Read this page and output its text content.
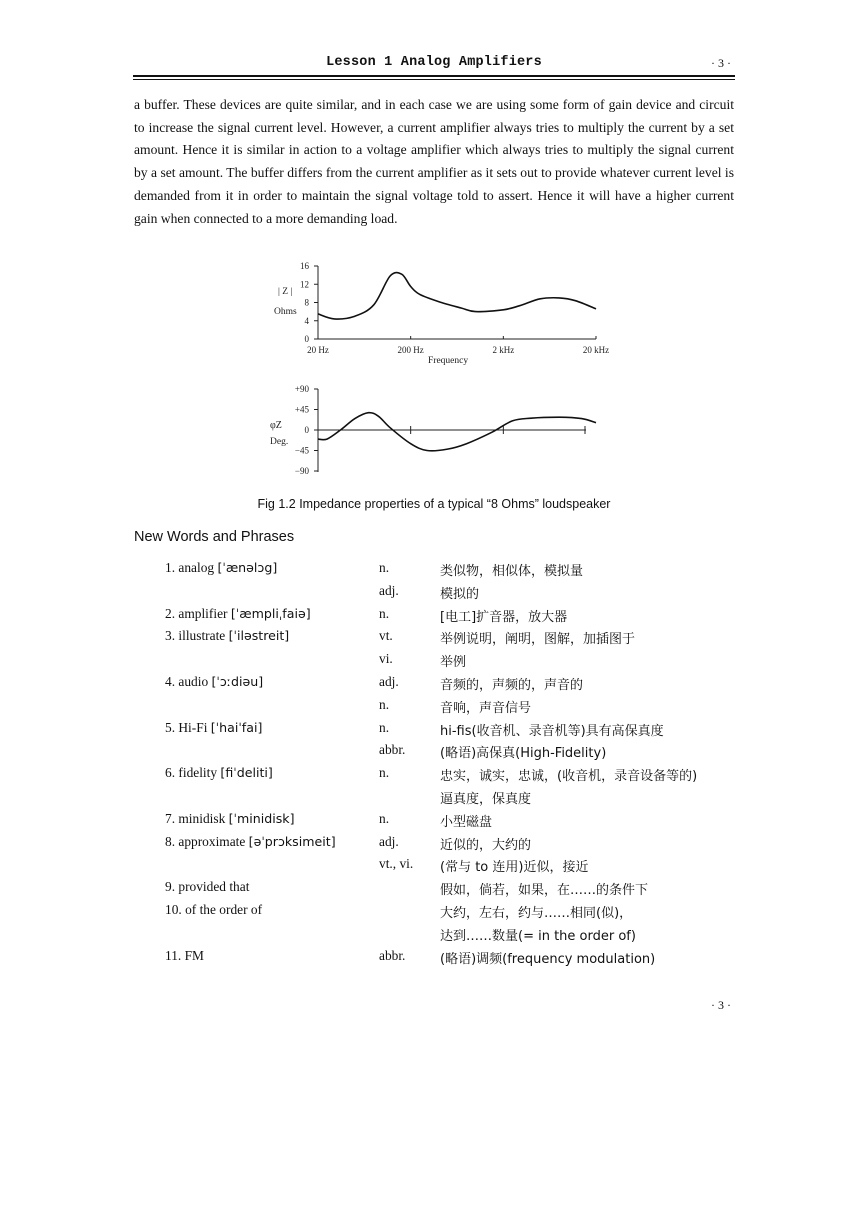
Lesson 1 Analog Amplifiers	· 3 ·

a buffer. These devices are quite similar, and in each case we are using some form of gain device and circuit to increase the signal current level. However, a current amplifier always tries to multiply the current by a set amount. Hence it is similar in action to a voltage amplifier which always tries to multiply the signal current by a set amount. The buffer differs from the current amplifier as it sets out to provide whatever current level is demanded from it in order to maintain the signal voltage told to assert. Hence it will have a higher current gain when connected to a more demanding load.

0
4
8
12
16
20 Hz	200 Hz	2 kHz	20 kHz
| Z |
Ohms
Frequency
+90
+45
0
−45
−90
φZ
Deg.
Fig 1.2 Impedance properties of a typical “8 Ohms” loudspeaker
New Words and Phrases
1. analog [ˈænəlɔg]	n.	类似物，相似体，模拟量
adj.	模拟的
2. amplifier [ˈæmpliˌfaiə]	n.	[电工]扩音器，放大器
3. illustrate [ˈiləstreit]	vt.	举例说明，阐明，图解，加插图于
vi.	举例
4. audio [ˈɔːdiəu]	adj.	音频的，声频的，声音的
n.	音响，声音信号
5. Hi-Fi [ˈhaiˈfai]	n.	hi-fis(收音机、录音机等)具有高保真度
abbr.	(略语)高保真(High-Fidelity)
6. fidelity [fiˈdeliti]	n.	忠实，诚实，忠诚，(收音机，录音设备等的)
逼真度，保真度
7. minidisk [ˈminidisk]	n.	小型磁盘
8. approximate [əˈprɔksimeit]	adj.	近似的，大约的
vt., vi. (常与 to 连用)近似，接近
9. provided that	假如，倘若，如果，在……的条件下
10. of the order of	大约，左右，约与……相同(似)，
达到……数量(= in the order of)
11. FM	abbr.	(略语)调频(frequency modulation)
· 3 ·
